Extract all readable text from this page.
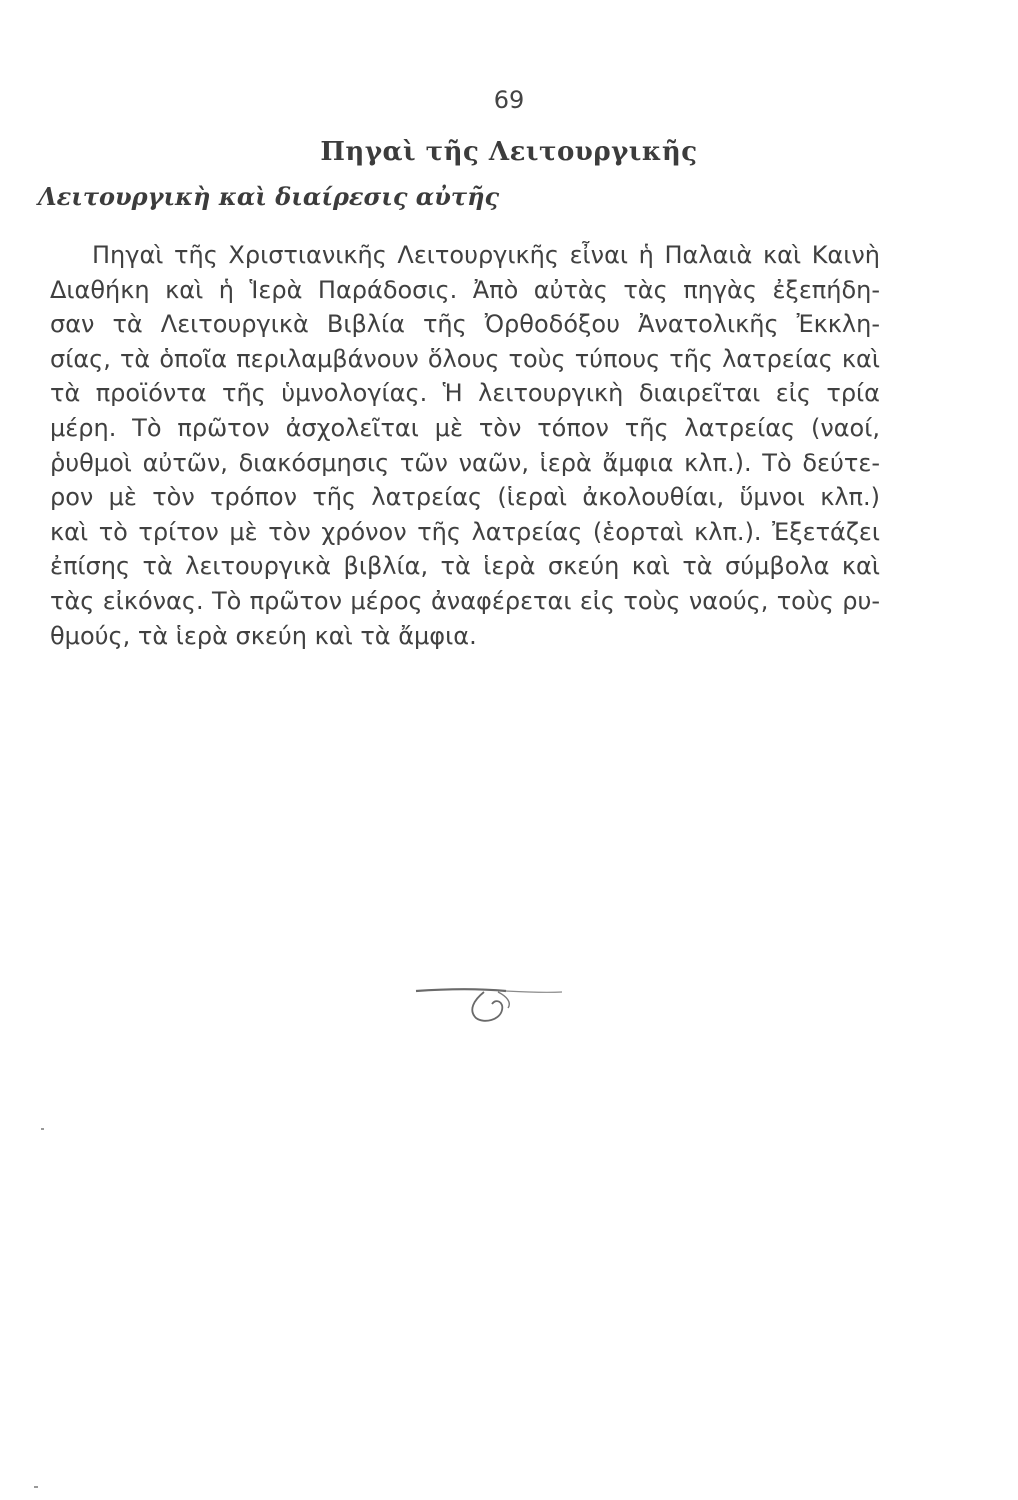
69
Πηγαὶ τῆς Λειτουργικῆς
Λειτουργικὴ καὶ διαίρεσις αὐτῆς
Πηγαὶ τῆς Χριστιανικῆς Λειτουργικῆς εἶναι ἡ Παλαιὰ καὶ Καινὴ
Διαθήκη καὶ ἡ Ἱερὰ Παράδοσις. Ἀπὸ αὐτὰς τὰς πηγὰς ἐξεπήδη-
σαν τὰ Λειτουργικὰ Βιβλία τῆς Ὀρθοδόξου Ἀνατολικῆς Ἐκκλη-
σίας, τὰ ὁποῖα περιλαμβάνουν ὅλους τοὺς τύπους τῆς λατρείας καὶ
τὰ προϊόντα τῆς ὑμνολογίας. Ἡ λειτουργικὴ διαιρεῖται εἰς τρία
μέρη. Τὸ πρῶτον ἀσχολεῖται μὲ τὸν τόπον τῆς λατρείας (ναοί,
ῥυθμοὶ αὐτῶν, διακόσμησις τῶν ναῶν, ἱερὰ ἄμφια κλπ.). Τὸ δεύτε-
ρον μὲ τὸν τρόπον τῆς λατρείας (ἱεραὶ ἀκολουθίαι, ὕμνοι κλπ.)
καὶ τὸ τρίτον μὲ τὸν χρόνον τῆς λατρείας (ἑορταὶ κλπ.). Ἐξετάζει
ἐπίσης τὰ λειτουργικὰ βιβλία, τὰ ἱερὰ σκεύη καὶ τὰ σύμβολα καὶ
τὰς εἰκόνας. Τὸ πρῶτον μέρος ἀναφέρεται εἰς τοὺς ναούς, τοὺς ρυ-
θμούς, τὰ ἱερὰ σκεύη καὶ τὰ ἄμφια.
